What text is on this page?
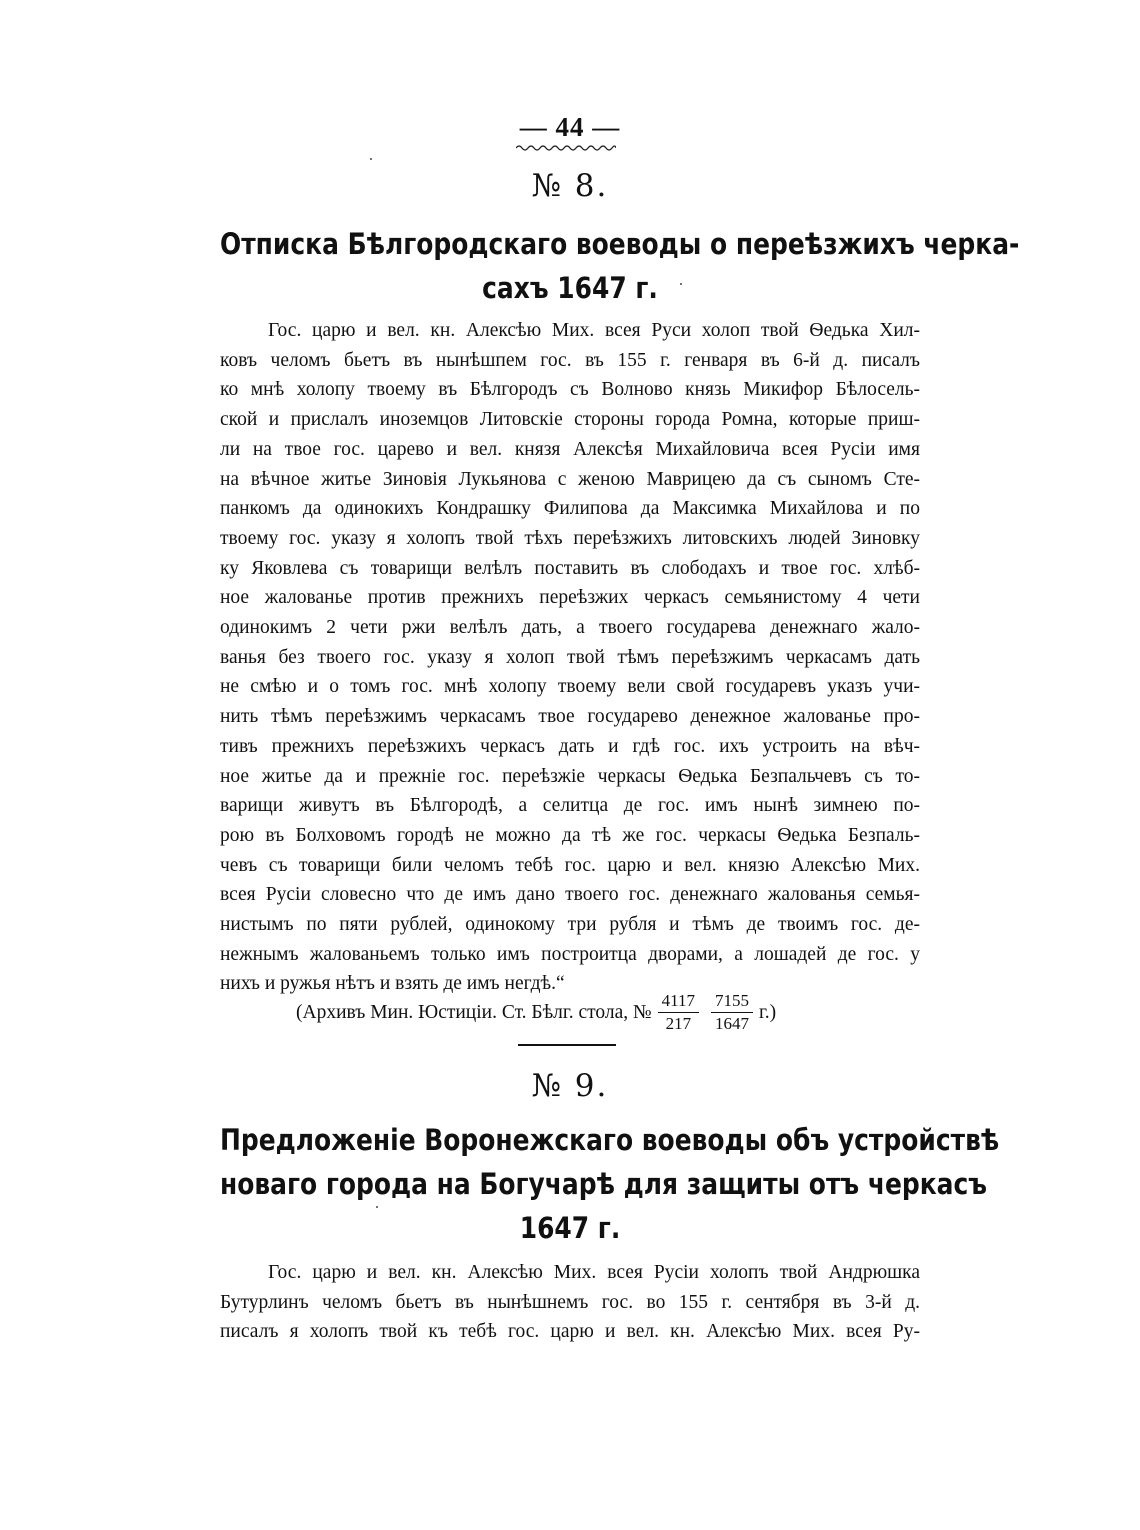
— 44 —
№ 8.
Отписка Бѣлгородскаго воеводы о переѣзжихъ черка-
сахъ 1647 г.
Гос. царю и вел. кн. Алексѣю Мих. всея Руси холоп твой Ѳедька Хил-
ковъ челомъ бьетъ въ нынѣшпем гос. въ 155 г. генваря въ 6-й д. писалъ
ко мнѣ холопу твоему въ Бѣлгородъ съ Волново князь Микифор Бѣлосель-
ской и прислалъ иноземцов Литовскіе стороны города Ромна, которые приш-
ли на твое гос. царево и вел. князя Алексѣя Михайловича всея Русіи имя
на вѣчное житье Зиновія Лукьянова с женою Маврицею да съ сыномъ Сте-
панкомъ да одинокихъ Кондрашку Филипова да Максимка Михайлова и по
твоему гос. указу я холопъ твой тѣхъ переѣзжихъ литовскихъ людей Зиновку
ку Яковлева съ товарищи велѣлъ поставить въ слободахъ и твое гос. хлѣб-
ное жалованье против прежнихъ переѣзжих черкасъ семьянистому 4 чети
одинокимъ 2 чети ржи велѣлъ дать, а твоего государева денежнаго жало-
ванья без твоего гос. указу я холоп твой тѣмъ переѣзжимъ черкасамъ дать
не смѣю и о томъ гос. мнѣ холопу твоему вели свой государевъ указъ учи-
нить тѣмъ переѣзжимъ черкасамъ твое государево денежное жалованье про-
тивъ прежнихъ переѣзжихъ черкасъ дать и гдѣ гос. ихъ устроить на вѣч-
ное житье да и прежніе гос. переѣзжіе черкасы Ѳедька Безпальчевъ съ то-
варищи живутъ въ Бѣлгородѣ, а селитца де гос. имъ нынѣ зимнею по-
рою въ Болховомъ городѣ не можно да тѣ же гос. черкасы Ѳедька Безпаль-
чевъ съ товарищи били челомъ тебѣ гос. царю и вел. князю Алексѣю Мих.
всея Русіи словесно что де имъ дано твоего гос. денежнаго жалованья семья-
нистымъ по пяти рублей, одинокому три рубля и тѣмъ де твоимъ гос. де-
нежнымъ жалованьемъ только имъ построитца дворами, а лошадей де гос. у
нихъ и ружья нѣтъ и взять де имъ негдѣ.“
(Архивъ Мин. Юстиціи. Ст. Бѣлг. стола, № $\frac{4117}{217} \frac{7155}{1647} г$.)
№ 9.
Предложеніе Воронежскаго воеводы объ устройствѣ
новаго города на Богучарѣ для защиты отъ черкасъ
1647 г.
Гос. царю и вел. кн. Алексѣю Мих. всея Русіи холопъ твой Андрюшка
Бутурлинъ челомъ бьетъ въ нынѣшнемъ гос. во 155 г. сентября въ 3-й д.
писалъ я холопъ твой къ тебѣ гос. царю и вел. кн. Алексѣю Мих. всея Ру-
